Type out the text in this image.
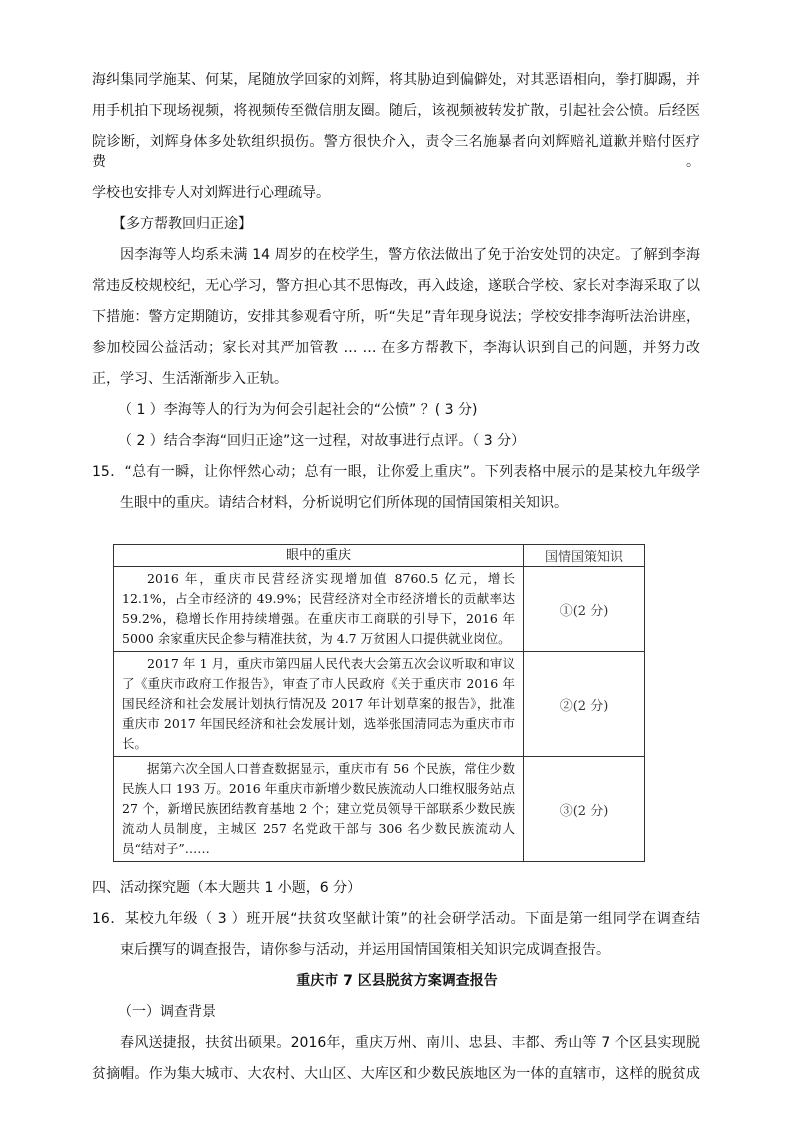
海纠集同学施某、何某，尾随放学回家的刘辉，将其胁迫到偏僻处，对其恶语相向，拳打脚踢，并
用手机拍下现场视频，将视频传至微信朋友圈。随后，该视频被转发扩散，引起社会公愤。后经医
院诊断，刘辉身体多处软组织损伤。警方很快介入，责令三名施暴者向刘辉赔礼道歉并赔付医疗费。
学校也安排专人对刘辉进行心理疏导。
【多方帮教回归正途】
因李海等人均系未满 14 周岁的在校学生，警方依法做出了免于治安处罚的决定。了解到李海
常违反校规校纪，无心学习，警方担心其不思悔改，再入歧途，遂联合学校、家长对李海采取了以
下措施：警方定期随访，安排其参观看守所，听“失足”青年现身说法；学校安排李海听法治讲座，
参加校园公益活动；家长对其严加管教 … … 在多方帮教下，李海认识到自己的问题，并努力改
正，学习、生活渐渐步入正轨。
（ 1 ）李海等人的行为为何会引起社会的“公愤” ？( 3 分)
（ 2 ）结合李海“回归正途”这一过程，对故事进行点评。（ 3 分）
15．“总有一瞬，让你怦然心动；总有一眼，让你爱上重庆”。下列表格中展示的是某校九年级学
生眼中的重庆。请结合材料，分析说明它们所体现的国情国策相关知识。
眼中的重庆	国情国策知识

2016 年，重庆市民营经济实现增加值 8760.5 亿元，增长 12.1%，占全市经济的 49.9%；民营经济对全市经济增长的贡献率达 59.2%，稳增长作用持续增强。在重庆市工商联的引导下，2016 年 5000 余家重庆民企参与精准扶贫，为 4.7 万贫困人口提供就业岗位。

①(2 分)

2017 年 1 月，重庆市第四届人民代表大会第五次会议听取和审议了《重庆市政府工作报告》，审查了市人民政府《关于重庆市 2016 年国民经济和社会发展计划执行情况及 2017 年计划草案的报告》，批准重庆市 2017 年国民经济和社会发展计划，选举张国清同志为重庆市市长。

②(2 分)

据第六次全国人口普查数据显示，重庆市有 56 个民族，常住少数民族人口 193 万。2016 年重庆市新增少数民族流动人口维权服务站点 27 个，新增民族团结教育基地 2 个；建立党员领导干部联系少数民族流动人员制度，主城区 257 名党政干部与 306 名少数民族流动人员“结对子”……

③(2 分)
四、活动探究题（本大题共 1 小题，6 分）
16．某校九年级（ 3 ）班开展“扶贫攻坚献计策”的社会研学活动。下面是第一组同学在调查结
束后撰写的调查报告，请你参与活动，并运用国情国策相关知识完成调查报告。
重庆市 7 区县脱贫方案调查报告
（一）调查背景
春风送捷报，扶贫出硕果。2016年，重庆万州、南川、忠县、丰都、秀山等 7 个区县实现脱
贫摘帽。作为集大城市、大农村、大山区、大库区和少数民族地区为一体的直辖市，这样的脱贫成
